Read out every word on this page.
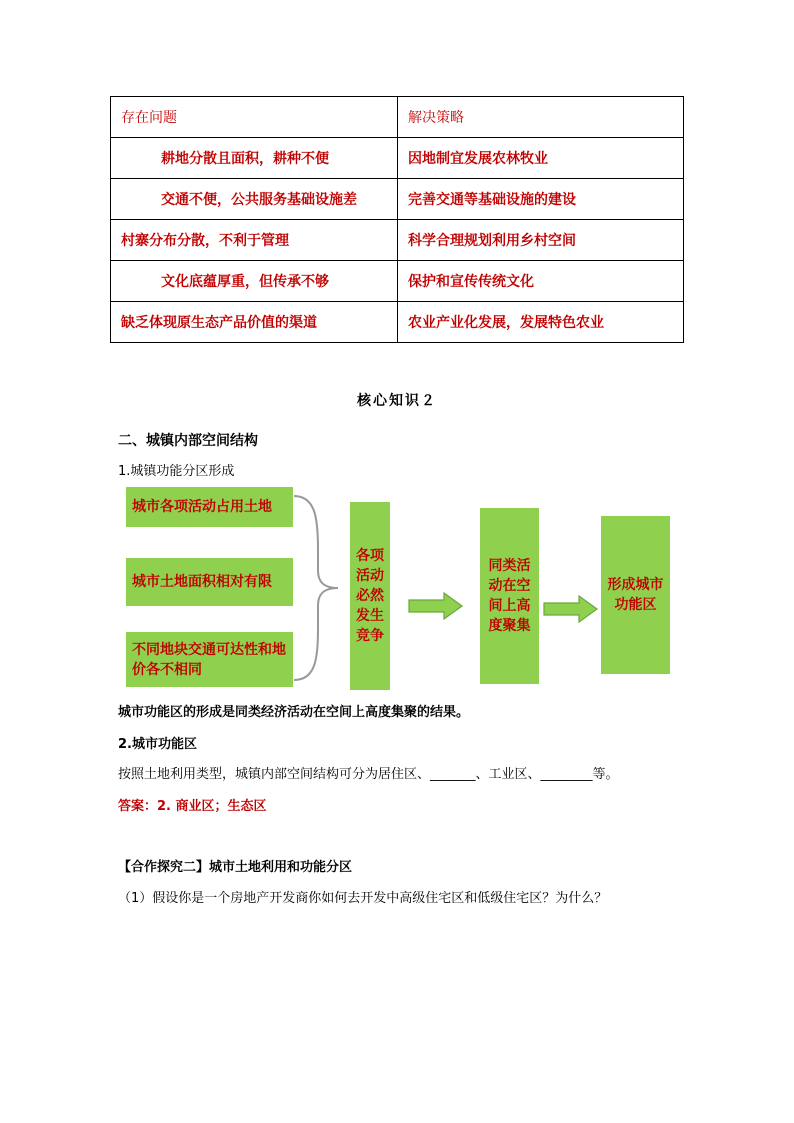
存在问题	解决策略
耕地分散且面积，耕种不便	因地制宜发展农林牧业
交通不便，公共服务基础设施差	完善交通等基础设施的建设
村寨分布分散，不利于管理	科学合理规划利用乡村空间
文化底蕴厚重，但传承不够	保护和宣传传统文化
缺乏体现原生态产品价值的渠道	农业产业化发展，发展特色农业
核心知识２
二、城镇内部空间结构
1.城镇功能分区形成
城市各项活动占用土地
城市土地面积相对有限
不同地块交通可达性和地价各不相同
各项活动必然发生竞争
同类活动在空间上高度聚集
形成城市功能区
城市功能区的形成是同类经济活动在空间上高度集聚的结果。
2.城市功能区
按照土地利用类型，城镇内部空间结构可分为居住区、_______、工业区、________等。
答案：2. 商业区；生态区
【合作探究二】城市土地利用和功能分区
（1）假设你是一个房地产开发商你如何去开发中高级住宅区和低级住宅区？为什么？
